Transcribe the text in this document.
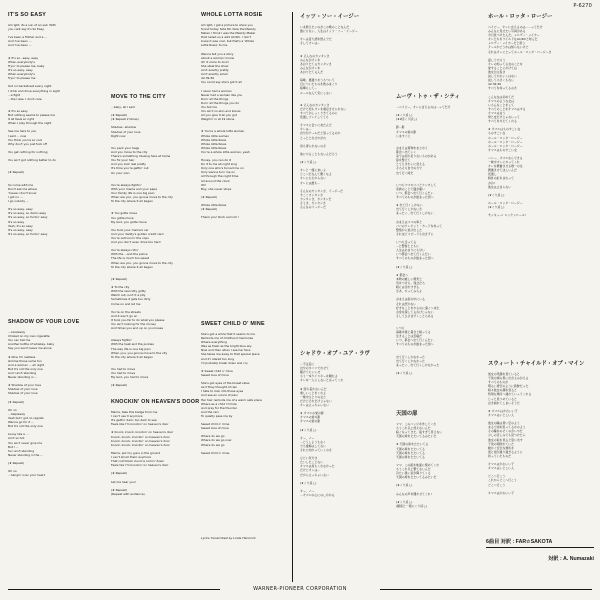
P-6270
IT'S SO EASY
All right, its a sun of an sail. With
you cant say it's So Easy.

I've been a flother and a ...
And I've been ...
And I've been ...

★ It's so...easy, easy
When everybody's
Tryin' to please me, baby
It's so easy, easy
When everybody's
Tryin' to please me

Out on backstreet every night
I drink and drive everything in sight
...a fight
...the rules, I don't care

★ It's so easy
But nothing seems to please me
It all feels so right
When I play through the night

See me here to you
I said ... now
You think you're so cool
Why don't you just fuck off

You get nothing for nothing

You ain't got nothing better to do

(★ Repeat)

So come with me
Don't ask me where
'Cause I don't know
I got no ...
I go nobody ...

It's so easy, easy
It's so easy, so damn easy
It's so easy, so fuckin' easy
It's so easy
Yeah, it's so easy
It's so easy, easy
It's so easy, so fuckin' easy
SHADOW OF YOUR LOVE
...carelessly
Choked on my own cigarette
You can bet me
Another bottle of whiskey, baby
Say you won't leave me alone

★ Now I'm restless
Gimme those some fun
And a woman ... all night
But it's not the only one
And I ain't standing
Never standing in ...

★ Shadow of your love
Shadow of your love
Shadow of your love

(★ Repeat)

Oh no
...helplessly
Yeah but I got no regrets
Wanna go for it ...
But it's not the only one

Lousy like a ...
Ain't so hot
You ain't never give me
But I ...
So I ain't standing
Never standing in the ...

(★ Repeat)

Oh no
...hangin' over your heart
MOVE TO THE CITY
...baby, all I said

(★ Repeat)
(★ Repeat 2 times)

Shadow...shadow
Shadow of your love
Right now

You pack your bags
And you move to the city
There's something missing here at home
You fix your hair
And you look real pretty
It's time you're gettin' out
On your own

You're always fightin'
With your mama and your papa
Your family life is one big pain
When are you, you gonna move to the city
To the city where it all began

★ You gotta move
You gotta move
My God, you gotta move

You took your mama's car
And your daddy's golden credit card
You're outrunnin' the cops
And you don't even drive too hard

You're always ridin'
With the ...and the police
The life is much too sweet
When are you, you gonna move to the city
To the city where it all began

(★ Repeat)

★ To the city
With the real nitty gritty
Watch out, isn't it a pity
Sometimes it gets too dirty
Come on and let me

You're on the streets
And it won't go on
It took you far to do what you please
You ain't looking for the money
And times you end up on you knees

Always fightin'
With the heat and the junkies
The way life is one big pain
When you, you gonna move to the city
To the city where it all began

You had to move
You had to move
My God, you had to move

(★ Repeat)
KNOCKIN' ON HEAVEN'S DOOR
Mama, take this badge from me
I can't use it anymore
It's gettin' dark, too dark to see
Feels like I'm knockin' on heaven's door

★ Knock, knock, knockin' on heaven's door
Knock, knock, knockin' on heaven's door
Knock, knock, knockin' on heaven's door
Knock, knock, knockin' on heaven's door

Mama, put my guns in the ground
I can't shoot them anymore
That cold black cloud is comin' down
Feels like I'm knockin' on heaven's door

(★ Repeat)

Let me hear you!

(★ Repeat)
(Repeat with audience)
WHOLE LOTTA ROSIE
All right, I got a picture to show you
found today. Side 80. Now the Melody
Maker. I think I was the Melody Maker
that called us a wild AC/DC. I don't
know it was cool, but that's a 'Whole
Lotta Rosie' to me.

Wanna tell you a story
About a woman I know
Oh it come to lovin'
She steal the show
Ain't exactly pretty
Ain't exactly small
42-39-56
You could say she's got it all

I never had a woman
Never had a woman like you
Doin' all the things
Doin' all the things you do
You tell me
You ain't no skin and bones
All you give it all you got
Weighin' in at 19 stone

★ You're a whole lotta woman
Whole lotta woman
Whole lotta Rosie
Whole lotta Rosie
Whole lotta Rosie
You're a whole lotta woman, yeah

Honey, you can do it
Do it to me all night long
Only one who's turned me on
Only wanna turn me on
All through the night time
All around the clock
Oh!
Boy, she never stops

(★ Repeat)

Whole lotta Rosie
(★ Repeat)

Thank you! Rock and roll !
SWEET CHILD O' MINE
She's got a smile that it seems to me
Reminds me of childhood memories
Where everything
Was as fresh as the bright blue sky
Now and then when I see her face
She takes me away to that special place
And if I stared too long
I'd probably break down and cry

★ Sweet child o' mine
Sweet love of mine

She's got eyes of the bluest skies
As if they thought of rain
I hate to look into those eyes
And see an ounce of pain
Her hair reminds me of a warm safe place
Where as a child I'd hide
And pray for the thunder
And the rain
To quietly pass me by

Sweet child o' mine
Sweet love of mine

Where do we go
Where do we go now
Where do we go

Sweet child o' mine
Lyrics transcribed by Linda Hennrick
イッツ・ソー・イージー
いま教えたいのがこの歌のことなんだ
誰にもない、人生はイッツ・ソー・イージー

オレは昔大酒を飲んでた
そしてオレは...

★ そんなのカンタンさ
みんながオレを
あおりたてるカンタンさ
みんながオレを
あおりたてるんだ

毎晩、裏通りをうろついて
目についたものを飲みまくり
喧嘩もして...
ルールなんて気にしない

★ そんなのカンタンさ
だけど何もオレを満足させられない
すべてがしっくりきてるのに
夜通しプレイしてても

オマエに会いに来たんだ
オレは...
自分がクールだと思ってるのか
とっとと失せやがれ

何も得られないのさ

他にやることもないんだろう

(★くり返し)

オレと一緒に来いよ
どこへだなんて聞くなよ
オレにもわからない
オレには誰も...

そんなのカンタンさ、イージーだ
すごくカンタンさ
カンタンさ、カンタンだ
そうさ、カンタンさ
そんなのイージーだ
シャドウ・オブ・ユア・ラヴ
...不注意に
自分のタバコでむせて
賭けてもいいぜ
もう一本ウイスキーを頼むよ
オレを一人にしないと言ってくれ

★ 落ち着かないんだ
楽しいことをくれよ
一晩中ひとりの女と
だけどそれだけじゃない
オレは立っちゃいない

★ オマエの愛の影
オマエの愛の影
オマエの愛の影

(★くり返し)

オー、ノー
...どうしようもなく
でも後悔はしてない
それに向かっていくのさ

ひどい気分さ
たいしたことない
オマエは何もくれなかった
だけどオレは...
だから立っちゃいない

(★くり返し)

オー、ノー
...オマエの心にのしかかる
ムーヴ・トゥ・ザ・シティ
...ベイビー、オレに言えるのは...ってだけ

(★くり返し)
(★2回くり返し)

影...影
オマエの愛の影
いますぐに

おまえは荷物をまとめて
都会へ出ていく
家では何か足りないものがある
髪を整えて
とてもきれいに見える
そろそろ自分の力で
出て行く時だ

いつもママやパパとケンカして
家族のことで頭が痛い
いつ、都会へ出て行くんだい
すべてのものが始まった街へ

★ 出て行くしかない
出て行くしかないさ
まったく、出て行くしかない

おまえはママの車と
パパのクレジット・カードを持って
警察から逃げ出した
それほどスピードも出さずに

いつも走ってる
...と警察とともに
人生はあまりにも甘い
いつ都会へ出て行くんだい
すべてのものが始まった街へ

(★くり返し)

★ 都会へ
本物の厳しい現実と
気をつけろ、残念だろ
時には汚れすぎる
さあ、やってみろよ

おまえは街の中にいる
それは続かない
好きなことをやるのに遠くへ来た
お金を探してるわけじゃない
そしてひざまずくこともある

いつも
麻薬中毒と暑さと戦ってる
生きることは苦痛だ
いつ、都会へ出て行くんだい
すべてのものが始まった街へ

出て行くしかなかった
出て行くしかなかった
まったく、出て行くしかなかった

(★くり返し)
天国の扉
ママ、このバッジを外してくれ
もうこれ以上使えないんだ
暗くなってきた、暗すぎて見えない
天国の扉をたたいてるみたいだ

★ 天国の扉をたたいてる
天国の扉をたたいてる
天国の扉をたたいてる
天国の扉をたたいてる

ママ、この銃を地面に埋めてくれ
もうこれ以上撃てないんだ
冷たい黒い雲が降りてくる
天国の扉をたたいてるみたいだ

(★くり返し)

みんなの声を聞かせてくれ!

(★くり返し)
(観客と一緒にくり返し)
ホール・ロッタ・ロージー
ベイビー、オレに言えるのは......ってだけ
みんなに見せたい写真がある
今日見つけたんだ。メロディ・メイカー
オレたちをワイルドなAC/DCと呼んだ
メロディ・メイカーだと思う
クールかどうかは知らないけど
それはオレにとってホール・ロッタ・ロージーさ

話してやろう
オレの知ってる女のことを
愛することにかけては
彼女が主役さ
決してかわいくはない
決して小さくもない
42-39-56
すべてを持ってるのさ

こんな女は初めてだ
オマエのような女は
いろんなことをして
すべてのことをオマエはする
オマエは言う
骨と皮だけじゃないって
すべてを与えてくれる

★ オマエはものすごい女
ものすごい女
ホール・ロッタ・ロージー
ホール・ロッタ・ロージー
ホール・ロッタ・ロージー
オマエはものすごい女

ハニー、オマエならできる
一晩中オレにやってくれ
オレを興奮させる唯一の女
興奮させてほしいんだ
夜通し
時計の針をまわって
おお!
彼女は止まらない

(★くり返し)

ホール・ロッタ・ロージー
(★くり返し)

サンキュー! ロックンロール!
スウィート・チャイルド・オブ・マイン
彼女の笑顔を見ていると
子供の頃の思い出がよみがえる
すべてのものが
明るい青空のように新鮮だった
時々彼女の顔を見ると
特別な場所へ連れていってくれる
じっと見つめていると
泣き崩れてしまいそうだ

★ オマエはかわいい子
オマエはいとしい人

彼女の瞳は青い空のよう
まるで雨を思ってるかのよう
その瞳をのぞくのがいやだ
少しの苦しみでも見つけたら
彼女の髪を見ると思い出す
子供の頃隠れていた
暖かく安全な場所を
雷と雨が通り過ぎるように
祈っていたものだ

オマエはかわいい子
オマエはいとしい人

どこへ行こう
これからどこへ行こう
どこへ行こう

オマエはかわいい子
6曲目 対訳 : FAR☆SAKOTA
対訳 : A. Numazaki
WARNER-PIONEER CORPORATION
